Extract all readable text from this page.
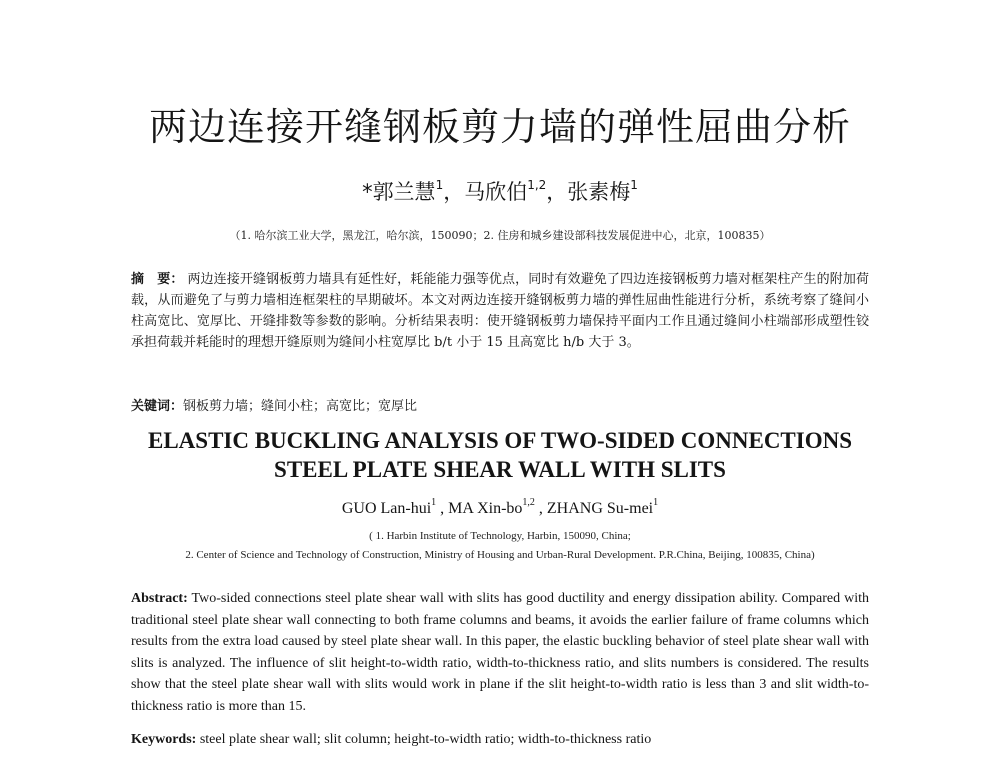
两边连接开缝钢板剪力墙的弹性屈曲分析
*郭兰慧$^1$，马欣伯$^{1,2}$，张素梅$^1$
（1. 哈尔滨工业大学，黑龙江，哈尔滨，150090；2. 住房和城乡建设部科技发展促进中心，北京，100835）
摘　要： 两边连接开缝钢板剪力墙具有延性好，耗能能力强等优点，同时有效避免了四边连接钢板剪力墙对框架柱产生的附加荷载，从而避免了与剪力墙相连框架柱的早期破坏。本文对两边连接开缝钢板剪力墙的弹性屈曲性能进行分析，系统考察了缝间小柱高宽比、宽厚比、开缝排数等参数的影响。分析结果表明：使开缝钢板剪力墙保持平面内工作且通过缝间小柱端部形成塑性铰承担荷载并耗能时的理想开缝原则为缝间小柱宽厚比 b/t 小于 15 且高宽比 h/b 大于 3。
关键词：钢板剪力墙；缝间小柱；高宽比；宽厚比
ELASTIC BUCKLING ANALYSIS OF TWO-SIDED CONNECTIONS
STEEL PLATE SHEAR WALL WITH SLITS
GUO Lan-hui$^1$ , MA Xin-bo$^{1,2}$ , ZHANG Su-mei$^1$
( 1. Harbin Institute of Technology, Harbin, 150090, China;
2. Center of Science and Technology of Construction, Ministry of Housing and Urban-Rural Development. P.R.China, Beijing, 100835, China)
Abstract: Two-sided connections steel plate shear wall with slits has good ductility and energy dissipation ability. Compared with traditional steel plate shear wall connecting to both frame columns and beams, it avoids the earlier failure of frame columns which results from the extra load caused by steel plate shear wall. In this paper, the elastic buckling behavior of steel plate shear wall with slits is analyzed. The influence of slit height-to-width ratio, width-to-thickness ratio, and slits numbers is considered. The results show that the steel plate shear wall with slits would work in plane if the slit height-to-width ratio is less than 3 and slit width-to-thickness ratio is more than 15.
Keywords: steel plate shear wall; slit column; height-to-width ratio; width-to-thickness ratio
